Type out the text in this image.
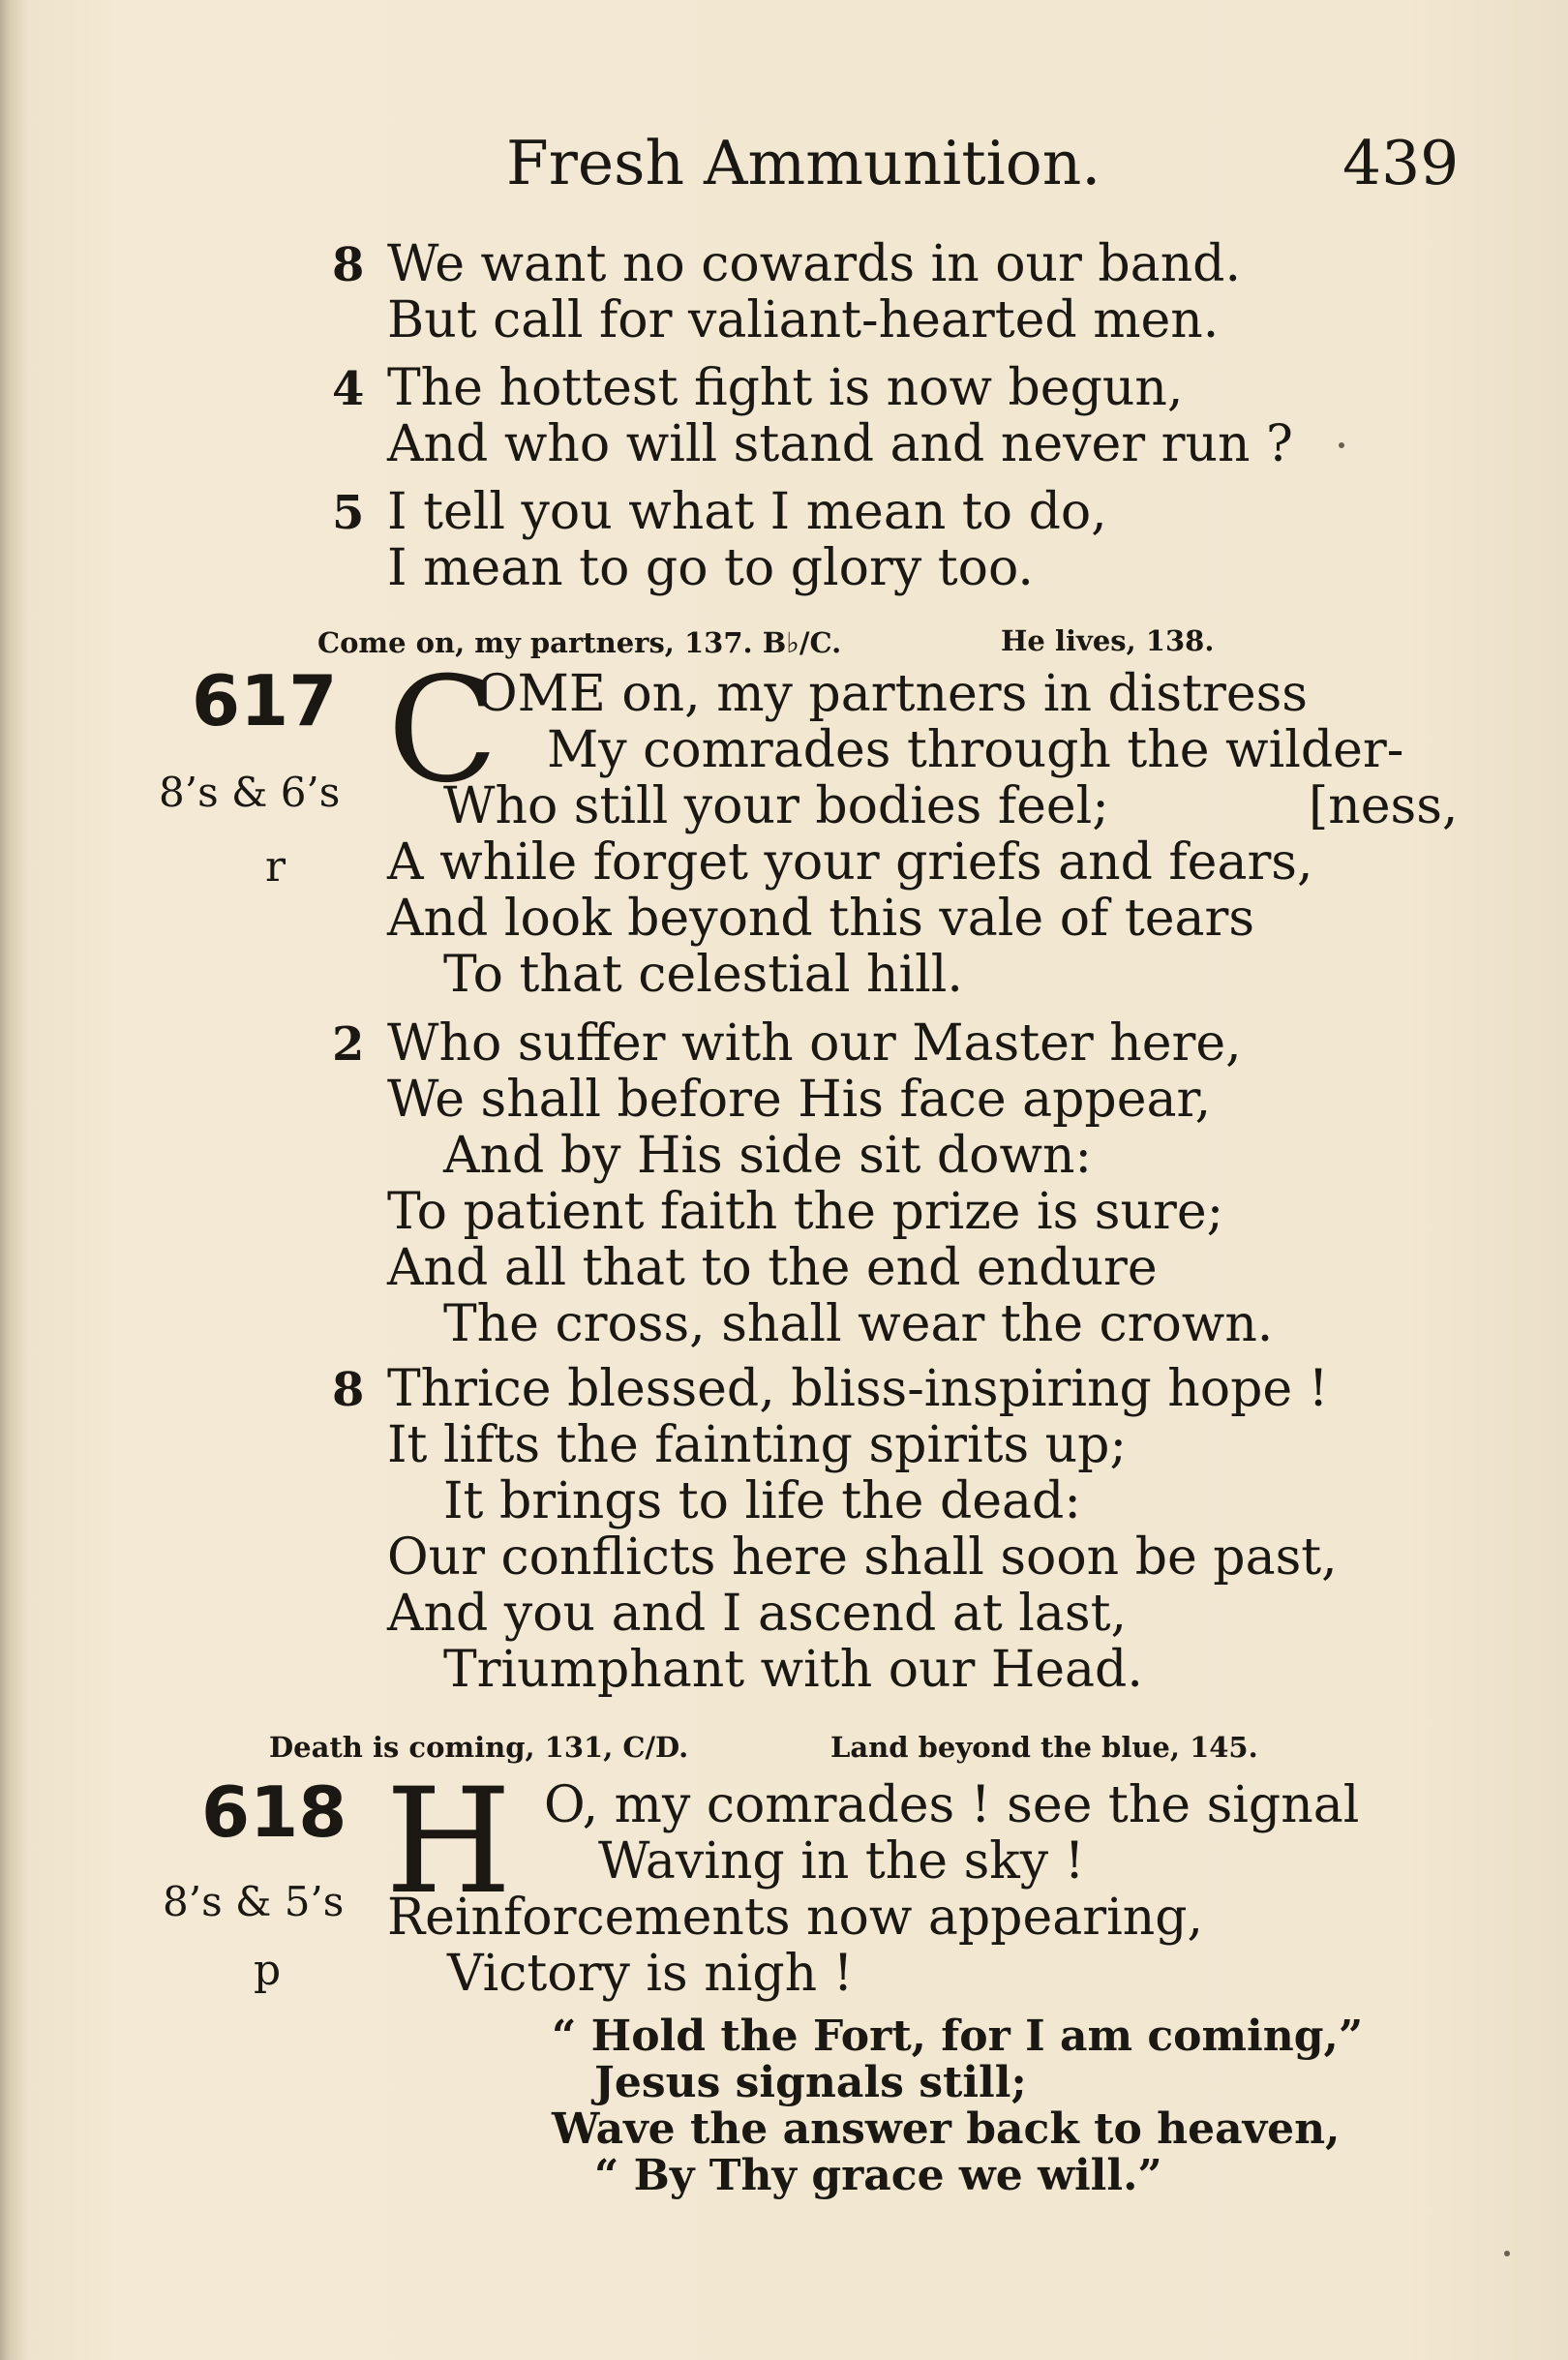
Fresh Ammunition.	439
8 We want no cowards in our band.
But call for valiant-hearted men.
4 The hottest fight is now begun,
And who will stand and never run ?
5 I tell you what I mean to do,
I mean to go to glory too.
Come on, my partners, 137. B♭/C.	He lives, 138.
617
8’s & 6’s
r
C
OME on, my partners in distress
My comrades through the wilder-
Who still your bodies feel;	[ness,
A while forget your griefs and fears,
And look beyond this vale of tears
To that celestial hill.
2 Who suffer with our Master here,
We shall before His face appear,
And by His side sit down:
To patient faith the prize is sure;
And all that to the end endure
The cross, shall wear the crown.
8 Thrice blessed, bliss-inspiring hope !
It lifts the fainting spirits up;
It brings to life the dead:
Our conflicts here shall soon be past,
And you and I ascend at last,
Triumphant with our Head.
Death is coming, 131, C/D.	Land beyond the blue, 145.
618
8’s & 5’s
p
H O, my comrades ! see the signal
Waving in the sky !
Reinforcements now appearing,
Victory is nigh !
“ Hold the Fort, for I am coming,”
Jesus signals still;
Wave the answer back to heaven,
“ By Thy grace we will.”
